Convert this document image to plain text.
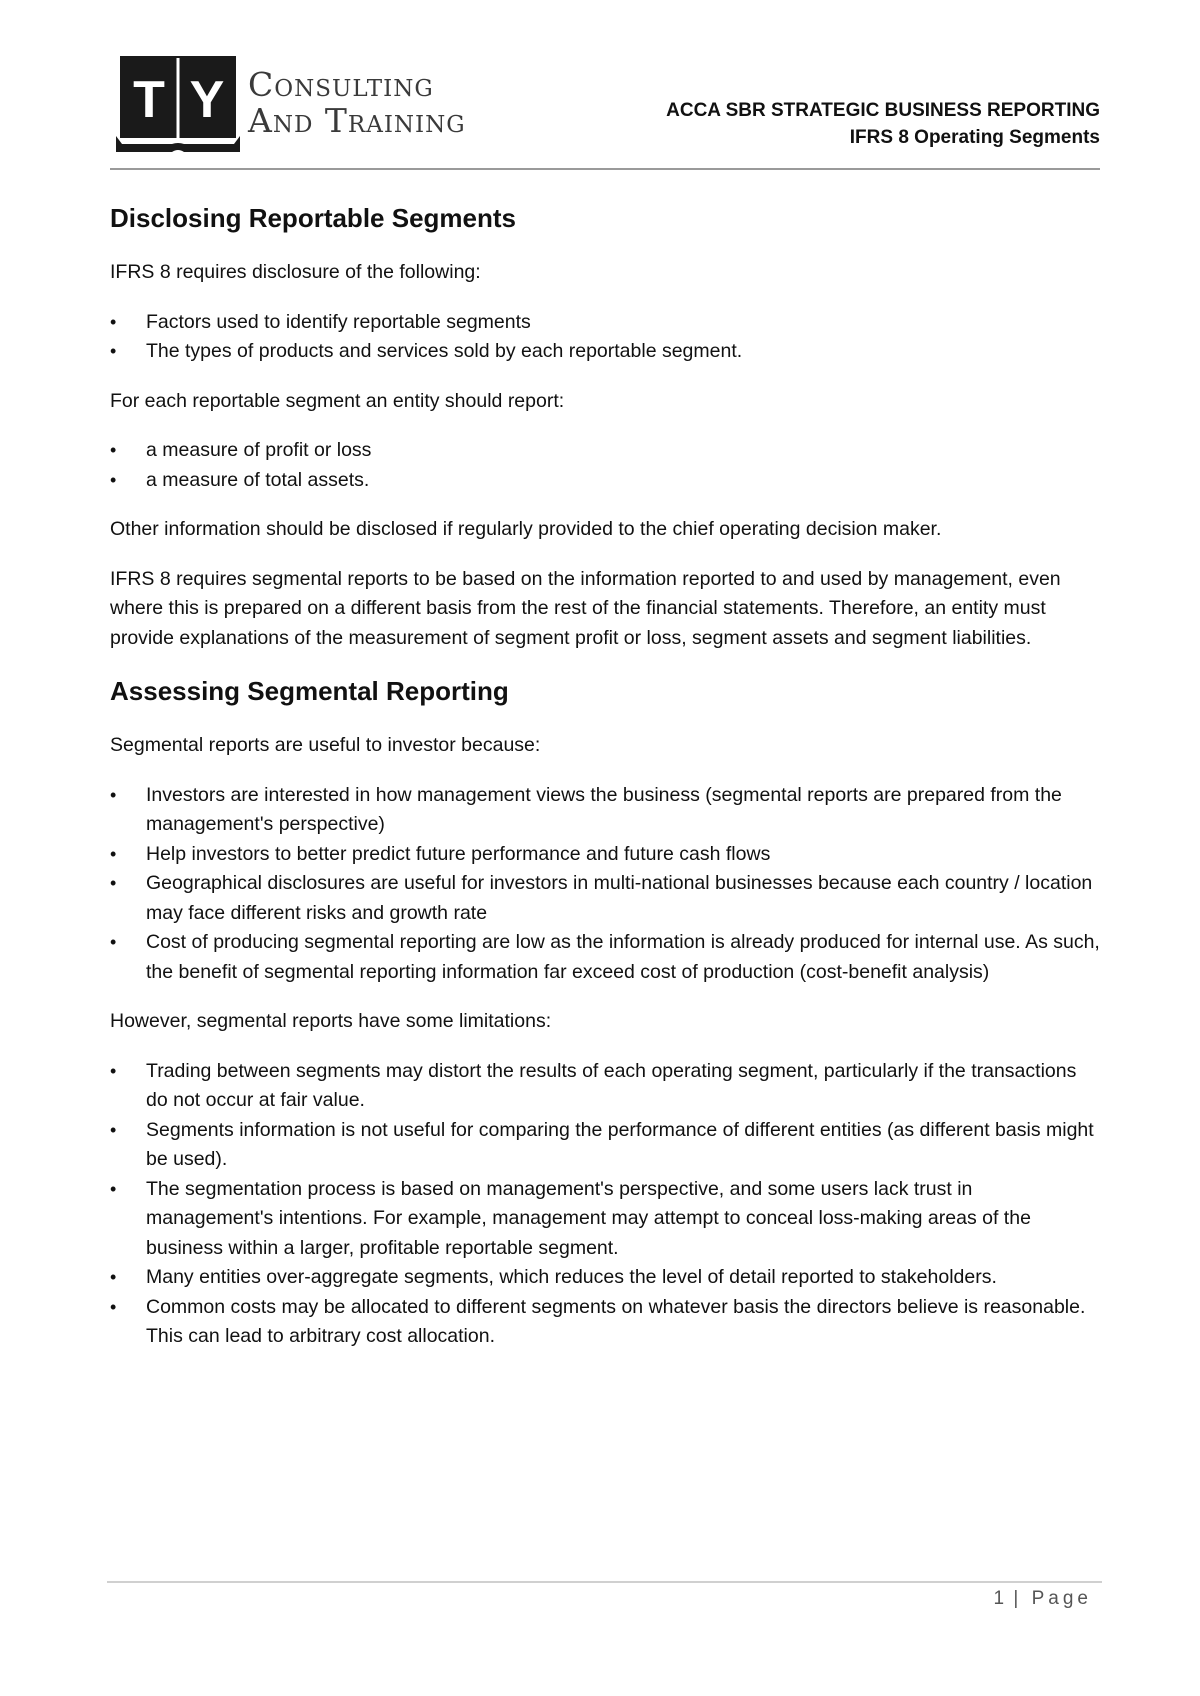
T Y Consulting
And Training	ACCA SBR STRATEGIC BUSINESS REPORTING
IFRS 8 Operating Segments
Disclosing Reportable Segments

IFRS 8 requires disclosure of the following:

• Factors used to identify reportable segments
• The types of products and services sold by each reportable segment.

For each reportable segment an entity should report:

• a measure of profit or loss
• a measure of total assets.

Other information should be disclosed if regularly provided to the chief operating decision maker.

IFRS 8 requires segmental reports to be based on the information reported to and used by management, even where this is prepared on a different basis from the rest of the financial statements. Therefore, an entity must provide explanations of the measurement of segment profit or loss, segment assets and segment liabilities.

Assessing Segmental Reporting

Segmental reports are useful to investor because:

• Investors are interested in how management views the business (segmental reports are prepared from the management's perspective)
• Help investors to better predict future performance and future cash flows
• Geographical disclosures are useful for investors in multi-national businesses because each country / location may face different risks and growth rate
• Cost of producing segmental reporting are low as the information is already produced for internal use. As such, the benefit of segmental reporting information far exceed cost of production (cost-benefit analysis)

However, segmental reports have some limitations:

• Trading between segments may distort the results of each operating segment, particularly if the transactions do not occur at fair value.
• Segments information is not useful for comparing the performance of different entities (as different basis might be used).
• The segmentation process is based on management's perspective, and some users lack trust in management's intentions. For example, management may attempt to conceal loss-making areas of the business within a larger, profitable reportable segment.
• Many entities over-aggregate segments, which reduces the level of detail reported to stakeholders.
• Common costs may be allocated to different segments on whatever basis the directors believe is reasonable. This can lead to arbitrary cost allocation.
1 | Page
